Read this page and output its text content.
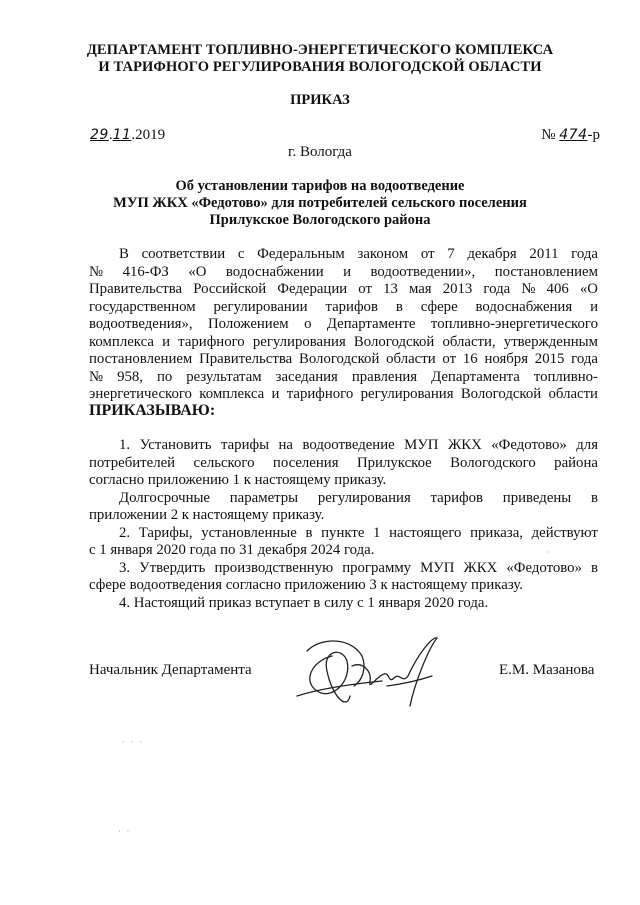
ДЕПАРТАМЕНТ ТОПЛИВНО-ЭНЕРГЕТИЧЕСКОГО КОМПЛЕКСА
И ТАРИФНОГО РЕГУЛИРОВАНИЯ ВОЛОГОДСКОЙ ОБЛАСТИ
ПРИКАЗ
29.11.2019	№ 474-р
г. Вологда
Об установлении тарифов на водоотведение
МУП ЖКХ «Федотово» для потребителей сельского поселения
Прилукское Вологодского района
В соответствии с Федеральным законом от 7 декабря 2011 года
№ 416-ФЗ «О водоснабжении и водоотведении», постановлением
Правительства Российской Федерации от 13 мая 2013 года № 406 «О
государственном регулировании тарифов в сфере водоснабжения и
водоотведения», Положением о Департаменте топливно-энергетического
комплекса и тарифного регулирования Вологодской области, утвержденным
постановлением Правительства Вологодской области от 16 ноября 2015 года
№ 958, по результатам заседания правления Департамента топливно-
энергетического комплекса и тарифного регулирования Вологодской области
ПРИКАЗЫВАЮ:
1. Установить тарифы на водоотведение МУП ЖКХ «Федотово» для
потребителей сельского поселения Прилукское Вологодского района
согласно приложению 1 к настоящему приказу.
Долгосрочные параметры регулирования тарифов приведены в
приложении 2 к настоящему приказу.
2. Тарифы, установленные в пункте 1 настоящего приказа, действуют
с 1 января 2020 года по 31 декабря 2024 года.
3. Утвердить производственную программу МУП ЖКХ «Федотово» в
сфере водоотведения согласно приложению 3 к настоящему приказу.
4. Настоящий приказ вступает в силу с 1 января 2020 года.
Начальник Департамента	Е.М. Мазанова
· · ·
· ·
·
